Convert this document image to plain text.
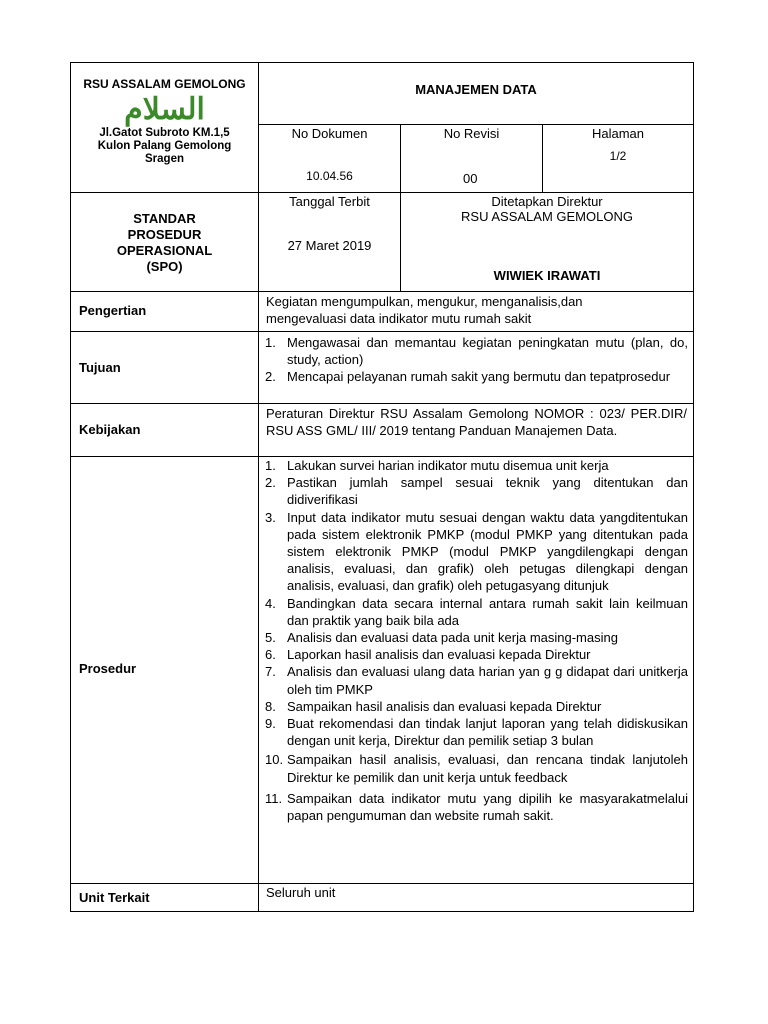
RSU ASSALAM GEMOLONG
السلام
Jl.Gatot Subroto KM.1,5
Kulon Palang Gemolong
Sragen
MANAJEMEN DATA
No Dokumen
10.04.56
No Revisi
00
Halaman
1/2
STANDAR
PROSEDUR
OPERASIONAL
(SPO)
Tanggal Terbit
27 Maret 2019
Ditetapkan Direktur
RSU ASSALAM GEMOLONG
WIWIEK IRAWATI
Pengertian
Kegiatan mengumpulkan, mengukur, menganalisis,dan mengevaluasi data indikator mutu rumah sakit
Tujuan
1. Mengawasai dan memantau kegiatan peningkatan mutu (plan, do, study, action)
2. Mencapai pelayanan rumah sakit yang bermutu dan tepatprosedur
Kebijakan
Peraturan Direktur RSU Assalam Gemolong NOMOR : 023/ PER.DIR/ RSU ASS GML/ III/ 2019 tentang Panduan Manajemen Data.
Prosedur
1. Lakukan survei harian indikator mutu disemua unit kerja
2. Pastikan jumlah sampel sesuai teknik yang ditentukan dan didiverifikasi
3. Input data indikator mutu sesuai dengan waktu data yangditentukan pada sistem elektronik PMKP (modul PMKP yang ditentukan pada sistem elektronik PMKP (modul PMKP yangdilengkapi dengan analisis, evaluasi, dan grafik) oleh petugas dilengkapi dengan analisis, evaluasi, dan grafik) oleh petugasyang ditunjuk
4. Bandingkan data secara internal antara rumah sakit lain keilmuan dan praktik yang baik bila ada
5. Analisis dan evaluasi data pada unit kerja masing-masing
6. Laporkan hasil analisis dan evaluasi kepada Direktur
7. Analisis dan evaluasi ulang data harian yan g g didapat dari unitkerja oleh tim PMKP
8. Sampaikan hasil analisis dan evaluasi kepada Direktur
9. Buat rekomendasi dan tindak lanjut laporan yang telah didiskusikan dengan unit kerja, Direktur dan pemilik setiap 3 bulan
10. Sampaikan hasil analisis, evaluasi, dan rencana tindak lanjutoleh Direktur ke pemilik dan unit kerja untuk feedback
11. Sampaikan data indikator mutu yang dipilih ke masyarakatmelalui papan pengumuman dan website rumah sakit.
Unit Terkait	Seluruh unit
